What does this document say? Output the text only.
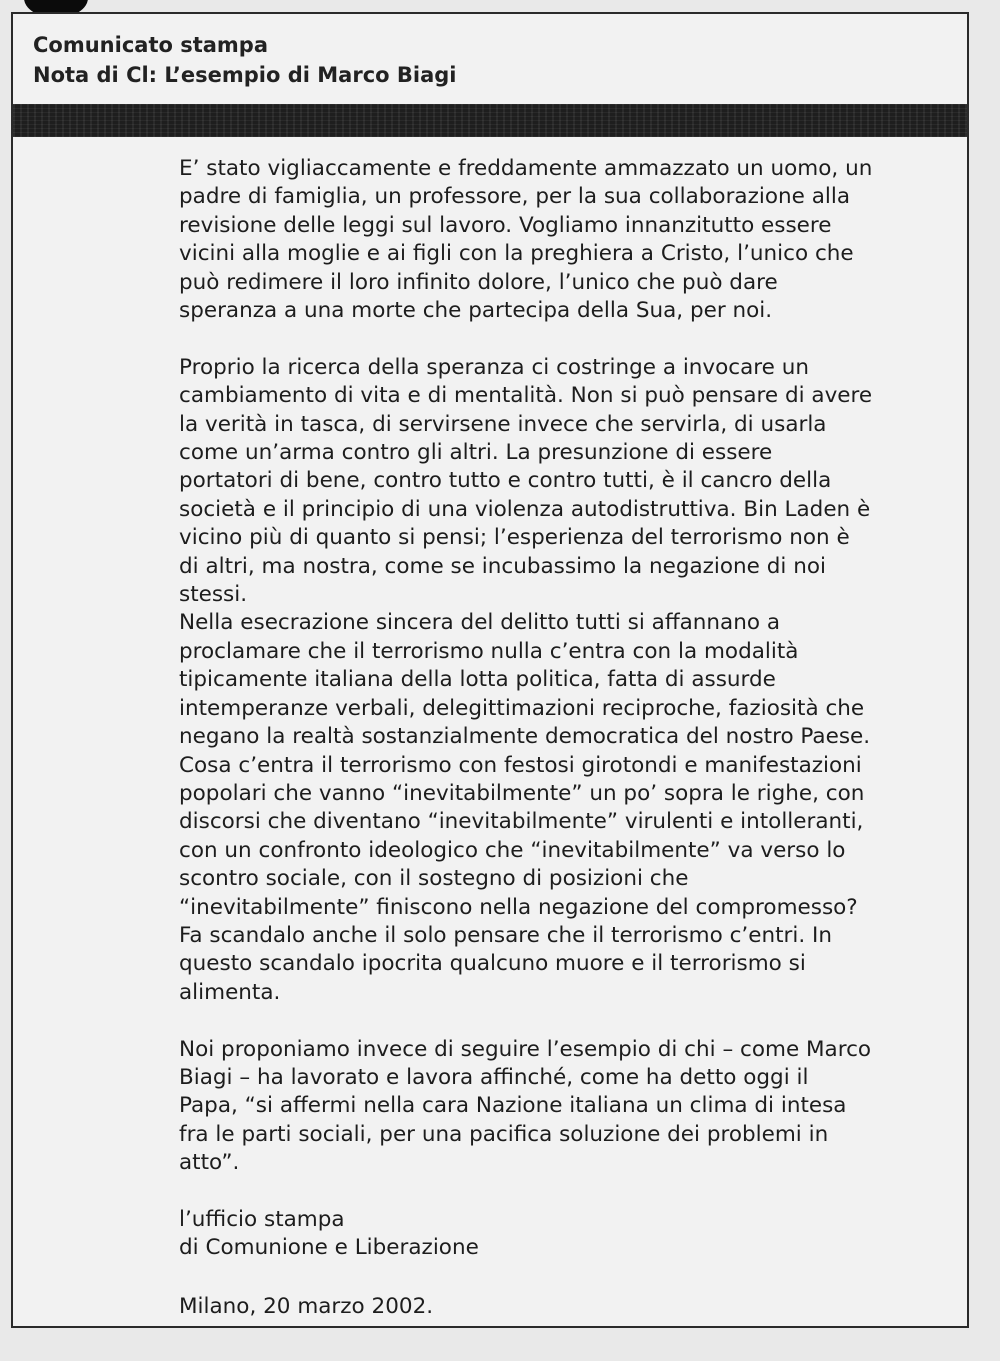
Comunicato stampa
Nota di Cl: L’esempio di Marco Biagi

E’ stato vigliaccamente e freddamente ammazzato un uomo, un
padre di famiglia, un professore, per la sua collaborazione alla
revisione delle leggi sul lavoro. Vogliamo innanzitutto essere
vicini alla moglie e ai figli con la preghiera a Cristo, l’unico che
può redimere il loro infinito dolore, l’unico che può dare
speranza a una morte che partecipa della Sua, per noi.

Proprio la ricerca della speranza ci costringe a invocare un
cambiamento di vita e di mentalità. Non si può pensare di avere
la verità in tasca, di servirsene invece che servirla, di usarla
come un’arma contro gli altri. La presunzione di essere
portatori di bene, contro tutto e contro tutti, è il cancro della
società e il principio di una violenza autodistruttiva. Bin Laden è
vicino più di quanto si pensi; l’esperienza del terrorismo non è
di altri, ma nostra, come se incubassimo la negazione di noi
stessi.

Nella esecrazione sincera del delitto tutti si affannano a
proclamare che il terrorismo nulla c’entra con la modalità
tipicamente italiana della lotta politica, fatta di assurde
intemperanze verbali, delegittimazioni reciproche, faziosità che
negano la realtà sostanzialmente democratica del nostro Paese.
Cosa c’entra il terrorismo con festosi girotondi e manifestazioni
popolari che vanno “inevitabilmente” un po’ sopra le righe, con
discorsi che diventano “inevitabilmente” virulenti e intolleranti,
con un confronto ideologico che “inevitabilmente” va verso lo
scontro sociale, con il sostegno di posizioni che
“inevitabilmente” finiscono nella negazione del compromesso?
Fa scandalo anche il solo pensare che il terrorismo c’entri. In
questo scandalo ipocrita qualcuno muore e il terrorismo si
alimenta.

Noi proponiamo invece di seguire l’esempio di chi – come Marco
Biagi – ha lavorato e lavora affinché, come ha detto oggi il
Papa, “si affermi nella cara Nazione italiana un clima di intesa
fra le parti sociali, per una pacifica soluzione dei problemi in
atto”.

l’ufficio stampa
di Comunione e Liberazione
Milano, 20 marzo 2002.
